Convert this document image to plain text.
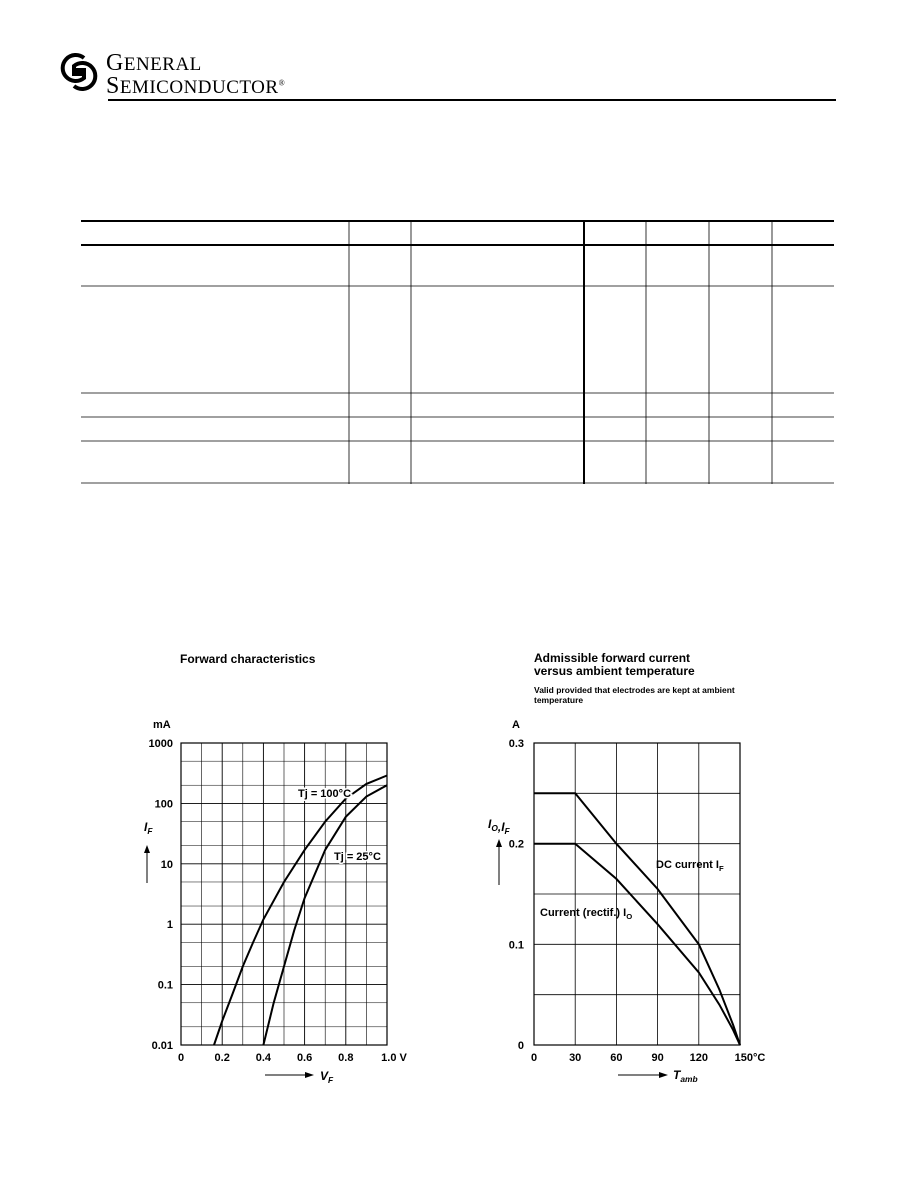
GENERAL
SEMICONDUCTOR®
Forward characteristics
0.01
0.1
1
10
100
1000
mA
0	0.2 0.4 0.6 0.8	1.0 V
$I_F$
$V_F$
Tj = 100°C
Tj = 25°C
Admissible forward current
versus ambient temperature
Valid provided that electrodes are kept at ambient temperature
0
0.1
0.2
0.3
A
0	30	60	90 120 150°C
$I_O,I_F$
$T_{amb}$
DC current $I_F$
Current (rectif.) $I_O$
